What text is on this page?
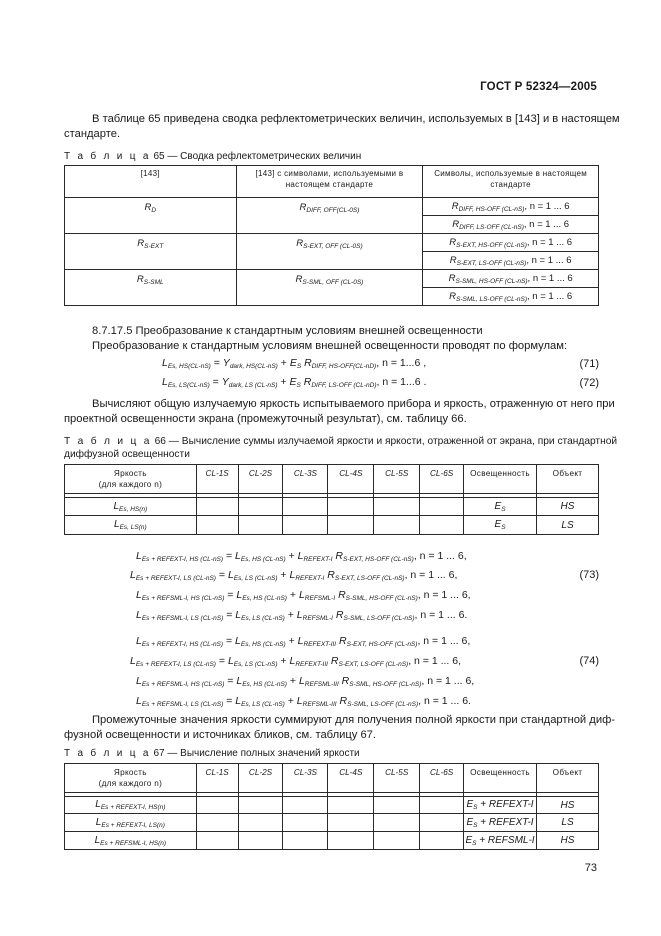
ГОСТ Р 52324—2005
В таблице 65 приведена сводка рефлектометрических величин, используемых в [143] и в настоящем
стандарте.
Т а б л и ц а 65 — Сводка рефлектометрических величин
[143]	[143] с символами, используемыми в настоящем стандарте	Символы, используемые в настоящем стандарте
$R_D$	$R_{DIFF, OFF(CL-0S)}$	$R_{DIFF, HS-OFF (CL-nS)}$, n = 1 ... 6
		$R_{DIFF, LS-OFF (CL-nS)}$, n = 1 ... 6
$R_{S-EXT}$	$R_{S-EXT, OFF (CL-0S)}$	$R_{S-EXT, HS-OFF (CL-nS)}$, n = 1 ... 6
		$R_{S-EXT, LS-OFF (CL-nS)}$, n = 1 ... 6
$R_{S-SML}$	$R_{S-SML, OFF (CL-0S)}$	$R_{S-SML, HS-OFF (CL-nS)}$, n = 1 ... 6
		$R_{S-SML, LS-OFF (CL-nS)}$, n = 1 ... 6
8.7.17.5 Преобразование к стандартным условиям внешней освещенности
Преобразование к стандартным условиям внешней освещенности проводят по формулам:
$L_{Es, HS(CL-nS)} = Y_{dark, HS(CL-nS)} + E_S$ $R_{DIFF, HS-OFF(CL-nD)}$, n = 1...6 ,	(71)
$L_{Es, LS(CL-nS)} = Y_{dark, LS (CL-nS)} + E_S$ $R_{DIFF, LS-OFF (CL-nD)}$, n = 1...6 .	(72)
Вычисляют общую излучаемую яркость испытываемого прибора и яркость, отраженную от него при
проектной освещенности экрана (промежуточный результат), см. таблицу 66.
Т а б л и ц а 66 — Вычисление суммы излучаемой яркости и яркости, отраженной от экрана, при стандартной
диффузной освещенности
Яркость
(для каждого n)	CL-1S	CL-2S	CL-3S	CL-4S	CL-5S	CL-6S	Освещенность	Объект

$L_{Es, HS(n)}$							$E_S$	HS
$L_{Es, LS(n)}$							$E_S$	LS
$L_{Es + REFEXT-I, HS (CL-nS)} = L_{Es, HS (CL-nS)} + L_{REFEXT-I}$ $R_{S-EXT, HS-OFF (CL-nS)}$, n = 1 ... 6,
$L_{Es + REFEXT-I, LS (CL-nS)} = L_{Es, LS (CL-nS)} + L_{REFEXT-I}$ $R_{S-EXT, LS-OFF (CL-nS)}$, n = 1 ... 6,	(73)
$L_{Es + REFSML-I, HS (CL-nS)} = L_{Es, HS (CL-nS)} + L_{REFSML-I}$ $R_{S-SML, HS-OFF (CL-nS)}$, n = 1 ... 6,
$L_{Es + REFSML-I, LS (CL-nS)} = L_{Es, LS (CL-nS)} + L_{REFSML-I}$ $R_{S-SML, LS-OFF (CL-nS)}$, n = 1 ... 6.
$L_{Es + REFEXT-I, HS (CL-nS)} = L_{Es, HS (CL-nS)} + L_{REFEXT-III}$ $R_{S-EXT, HS-OFF (CL-nS)}$, n = 1 ... 6,
$L_{Es + REFEXT-I, LS (CL-nS)} = L_{Es, LS (CL-nS)} + L_{REFEXT-III}$ $R_{S-EXT, LS-OFF (CL-nS)}$, n = 1 ... 6,	(74)
$L_{Es + REFSML-I, HS (CL-nS)} = L_{Es, HS (CL-nS)} + L_{REFSML-III}$ $R_{S-SML, HS-OFF (CL-nS)}$, n = 1 ... 6,
$L_{Es + REFSML-I, LS (CL-nS)} = L_{Es, LS (CL-nS)} + L_{REFSML-III}$ $R_{S-SML, LS-OFF (CL-nS)}$, n = 1 ... 6.
Промежуточные значения яркости суммируют для получения полной яркости при стандартной диф-
фузной освещенности и источниках бликов, см. таблицу 67.
Т а б л и ц а 67 — Вычисление полных значений яркости
Яркость
(для каждого n)	CL-1S	CL-2S	CL-3S	CL-4S	CL-5S	CL-6S	Освещенность	Объект

$L_{Es + REFEXT-I, HS(n)}$							$E_S$ + REFEXT-I	HS
$L_{Es + REFEXT-I, LS(n)}$							$E_S$ + REFEXT-I	LS
$L_{Es + REFSML-I, HS(n)}$							$E_S$ + REFSML-I	HS
73
